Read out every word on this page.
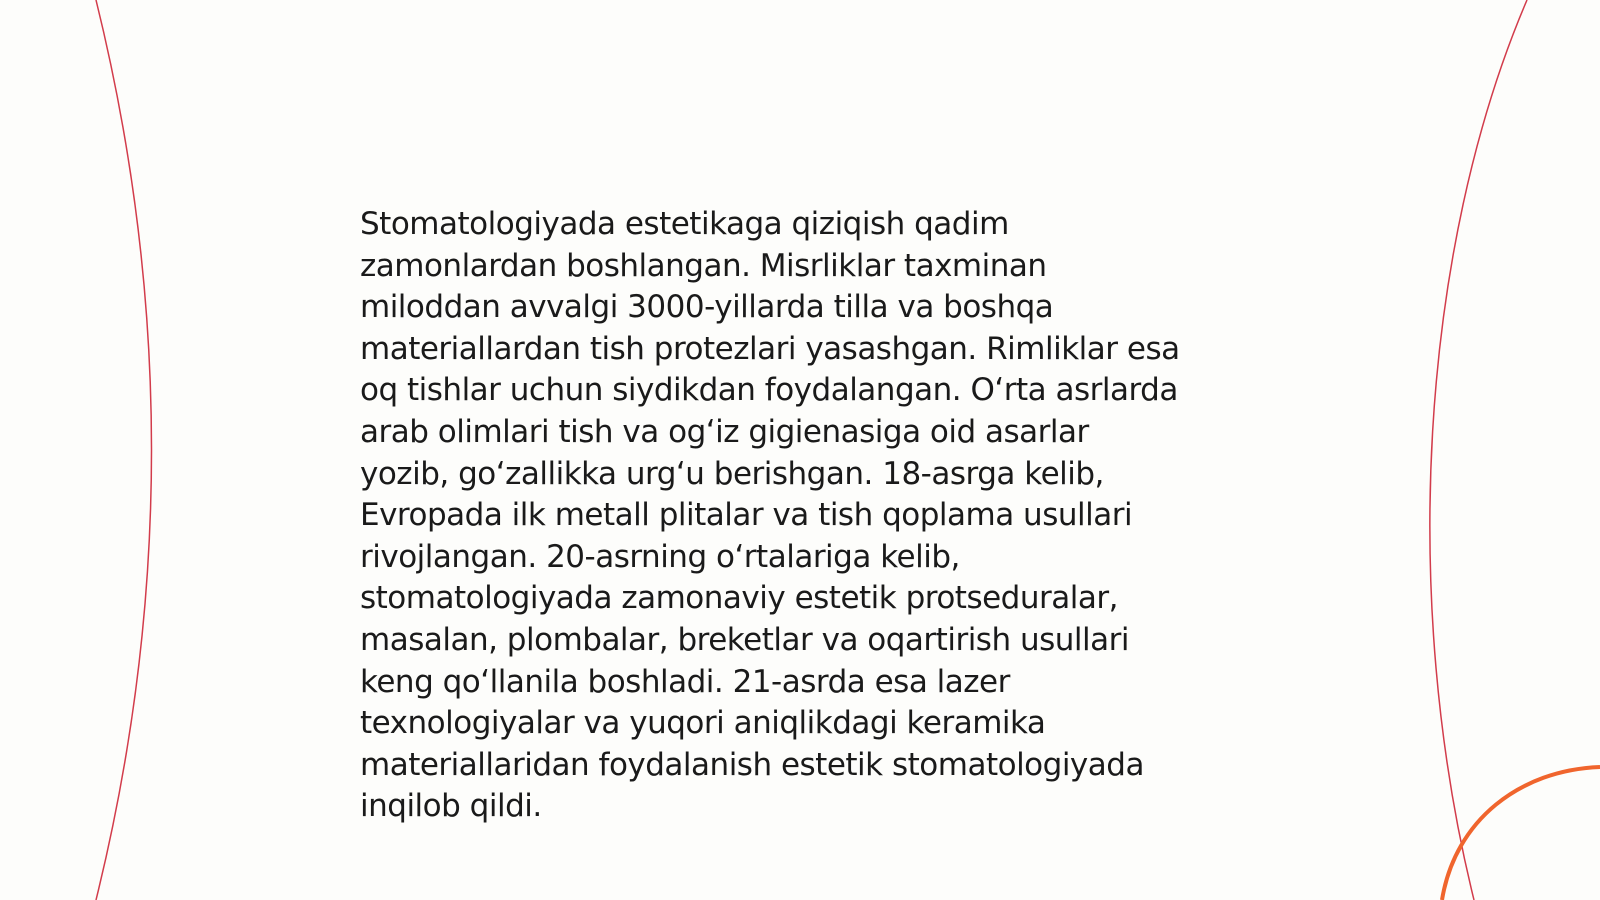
Stomatologiyada estetikaga qiziqish qadim
zamonlardan boshlangan. Misrliklar taxminan
miloddan avvalgi 3000-yillarda tilla va boshqa
materiallardan tish protezlari yasashgan. Rimliklar esa
oq tishlar uchun siydikdan foydalangan. O‘rta asrlarda
arab olimlari tish va og‘iz gigienasiga oid asarlar
yozib, go‘zallikka urg‘u berishgan. 18-asrga kelib,
Evropada ilk metall plitalar va tish qoplama usullari
rivojlangan. 20-asrning o‘rtalariga kelib,
stomatologiyada zamonaviy estetik protseduralar,
masalan, plombalar, breketlar va oqartirish usullari
keng qo‘llanila boshladi. 21-asrda esa lazer
texnologiyalar va yuqori aniqlikdagi keramika
materiallaridan foydalanish estetik stomatologiyada
inqilob qildi.
